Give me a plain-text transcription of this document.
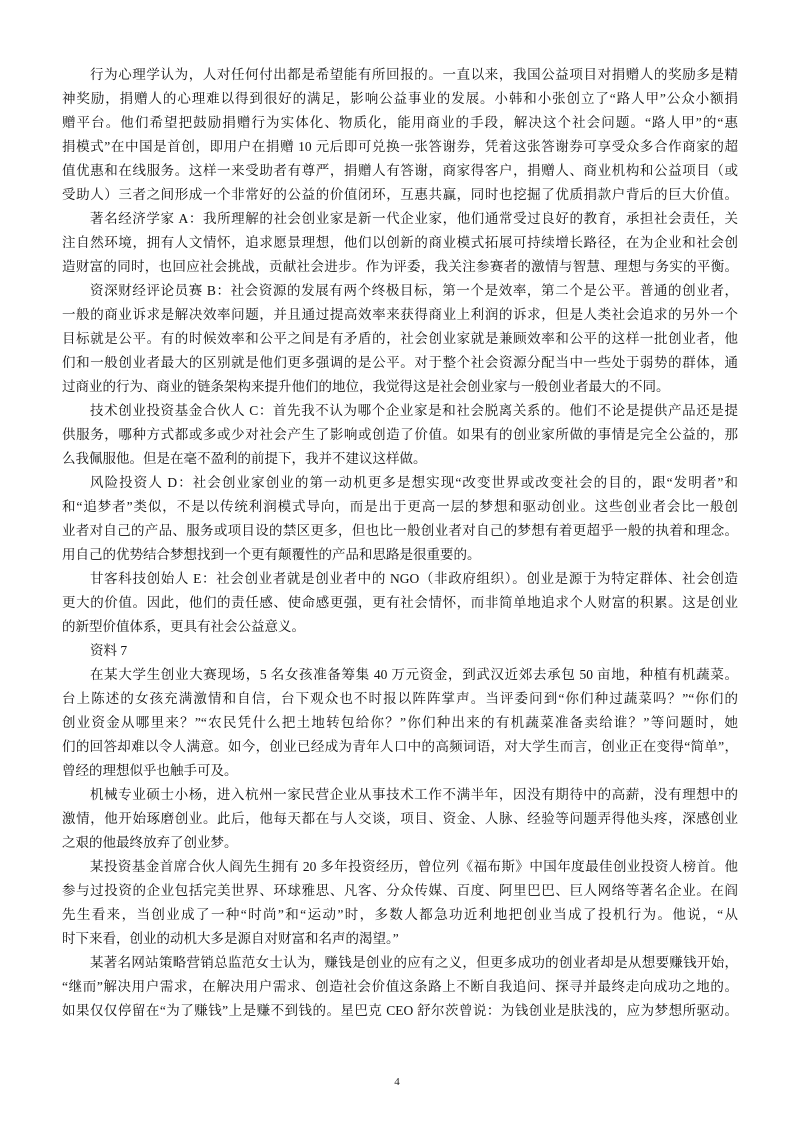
行为心理学认为，人对任何付出都是希望能有所回报的。一直以来，我国公益项目对捐赠人的奖励多是精
神奖励，捐赠人的心理难以得到很好的满足，影响公益事业的发展。小韩和小张创立了“路人甲”公众小额捐
赠平台。他们希望把鼓励捐赠行为实体化、物质化，能用商业的手段，解决这个社会问题。“路人甲”的“惠
捐模式”在中国是首创，即用户在捐赠 10 元后即可兑换一张答谢券，凭着这张答谢券可享受众多合作商家的超
值优惠和在线服务。这样一来受助者有尊严，捐赠人有答谢，商家得客户，捐赠人、商业机构和公益项目（或
受助人）三者之间形成一个非常好的公益的价值闭环，互惠共赢，同时也挖掘了优质捐款户背后的巨大价值。
著名经济学家 A：我所理解的社会创业家是新一代企业家，他们通常受过良好的教育，承担社会责任，关
注自然环境，拥有人文情怀，追求愿景理想，他们以创新的商业模式拓展可持续增长路径，在为企业和社会创
造财富的同时，也回应社会挑战，贡献社会进步。作为评委，我关注参赛者的激情与智慧、理想与务实的平衡。
资深财经评论员赛 B：社会资源的发展有两个终极目标，第一个是效率，第二个是公平。普通的创业者，
一般的商业诉求是解决效率问题，并且通过提高效率来获得商业上利润的诉求，但是人类社会追求的另外一个
目标就是公平。有的时候效率和公平之间是有矛盾的，社会创业家就是兼顾效率和公平的这样一批创业者，他
们和一般创业者最大的区别就是他们更多强调的是公平。对于整个社会资源分配当中一些处于弱势的群体，通
过商业的行为、商业的链条架构来提升他们的地位，我觉得这是社会创业家与一般创业者最大的不同。
技术创业投资基金合伙人 C：首先我不认为哪个企业家是和社会脱离关系的。他们不论是提供产品还是提
供服务，哪种方式都或多或少对社会产生了影响或创造了价值。如果有的创业家所做的事情是完全公益的，那
么我佩服他。但是在毫不盈利的前提下，我并不建议这样做。
风险投资人 D：社会创业家创业的第一动机更多是想实现“改变世界或改变社会的目的，跟“发明者”和
和“追梦者”类似，不是以传统利润模式导向，而是出于更高一层的梦想和驱动创业。这些创业者会比一般创
业者对自己的产品、服务或项目设的禁区更多，但也比一般创业者对自己的梦想有着更超乎一般的执着和理念。
用自己的优势结合梦想找到一个更有颠覆性的产品和思路是很重要的。
甘客科技创始人 E：社会创业者就是创业者中的 NGO（非政府组织）。创业是源于为特定群体、社会创造
更大的价值。因此，他们的责任感、使命感更强，更有社会情怀，而非简单地追求个人财富的积累。这是创业
的新型价值体系，更具有社会公益意义。
资料 7
在某大学生创业大赛现场，5 名女孩准备筹集 40 万元资金，到武汉近郊去承包 50 亩地，种植有机蔬菜。
台上陈述的女孩充满激情和自信，台下观众也不时报以阵阵掌声。当评委问到“你们种过蔬菜吗？”“你们的
创业资金从哪里来？”“农民凭什么把土地转包给你？”你们种出来的有机蔬菜准备卖给谁？”等问题时，她
们的回答却难以令人满意。如今，创业已经成为青年人口中的高频词语，对大学生而言，创业正在变得“简单”，
曾经的理想似乎也触手可及。
机械专业硕士小杨，进入杭州一家民营企业从事技术工作不满半年，因没有期待中的高薪，没有理想中的
激情，他开始琢磨创业。此后，他每天都在与人交谈，项目、资金、人脉、经验等问题弄得他头疼，深感创业
之艰的他最终放弃了创业梦。
某投资基金首席合伙人阎先生拥有 20 多年投资经历，曾位列《福布斯》中国年度最佳创业投资人榜首。他
参与过投资的企业包括完美世界、环球雅思、凡客、分众传媒、百度、阿里巴巴、巨人网络等著名企业。在阎
先生看来，当创业成了一种“时尚”和“运动”时，多数人都急功近利地把创业当成了投机行为。他说，“从
时下来看，创业的动机大多是源自对财富和名声的渴望。”
某著名网站策略营销总监范女士认为，赚钱是创业的应有之义，但更多成功的创业者却是从想要赚钱开始，
“继而”解决用户需求，在解决用户需求、创造社会价值这条路上不断自我追问、探寻并最终走向成功之地的。
如果仅仅停留在“为了赚钱”上是赚不到钱的。星巴克 CEO 舒尔茨曾说：为钱创业是肤浅的，应为梦想所驱动。
4
